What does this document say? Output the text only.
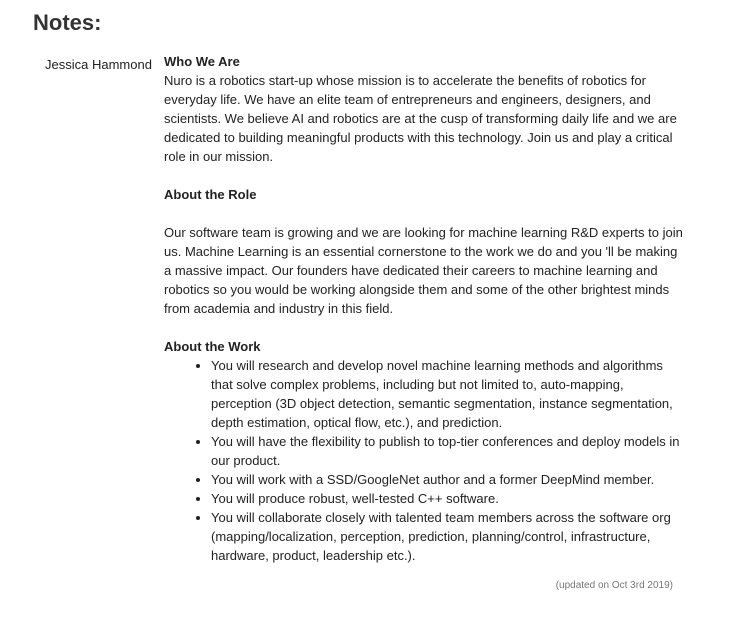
Notes:
Jessica Hammond Who We Are
Nuro is a robotics start-up whose mission is to accelerate the benefits of robotics for everyday life. We have an elite team of entrepreneurs and engineers, designers, and scientists. We believe AI and robotics are at the cusp of transforming daily life and we are dedicated to building meaningful products with this technology. Join us and play a critical role in our mission.
About the Role
Our software team is growing and we are looking for machine learning R&D experts to join us. Machine Learning is an essential cornerstone to the work we do and you 'll be making a massive impact. Our founders have dedicated their careers to machine learning and robotics so you would be working alongside them and some of the other brightest minds from academia and industry in this field.
About the Work
• You will research and develop novel machine learning methods and algorithms that solve complex problems, including but not limited to, auto-mapping, perception (3D object detection, semantic segmentation, instance segmentation, depth estimation, optical flow, etc.), and prediction.
• You will have the flexibility to publish to top-tier conferences and deploy models in our product.
• You will work with a SSD/GoogleNet author and a former DeepMind member.
• You will produce robust, well-tested C++ software.
• You will collaborate closely with talented team members across the software org (mapping/localization, perception, prediction, planning/control, infrastructure, hardware, product, leadership etc.).
(updated on Oct 3rd 2019)
